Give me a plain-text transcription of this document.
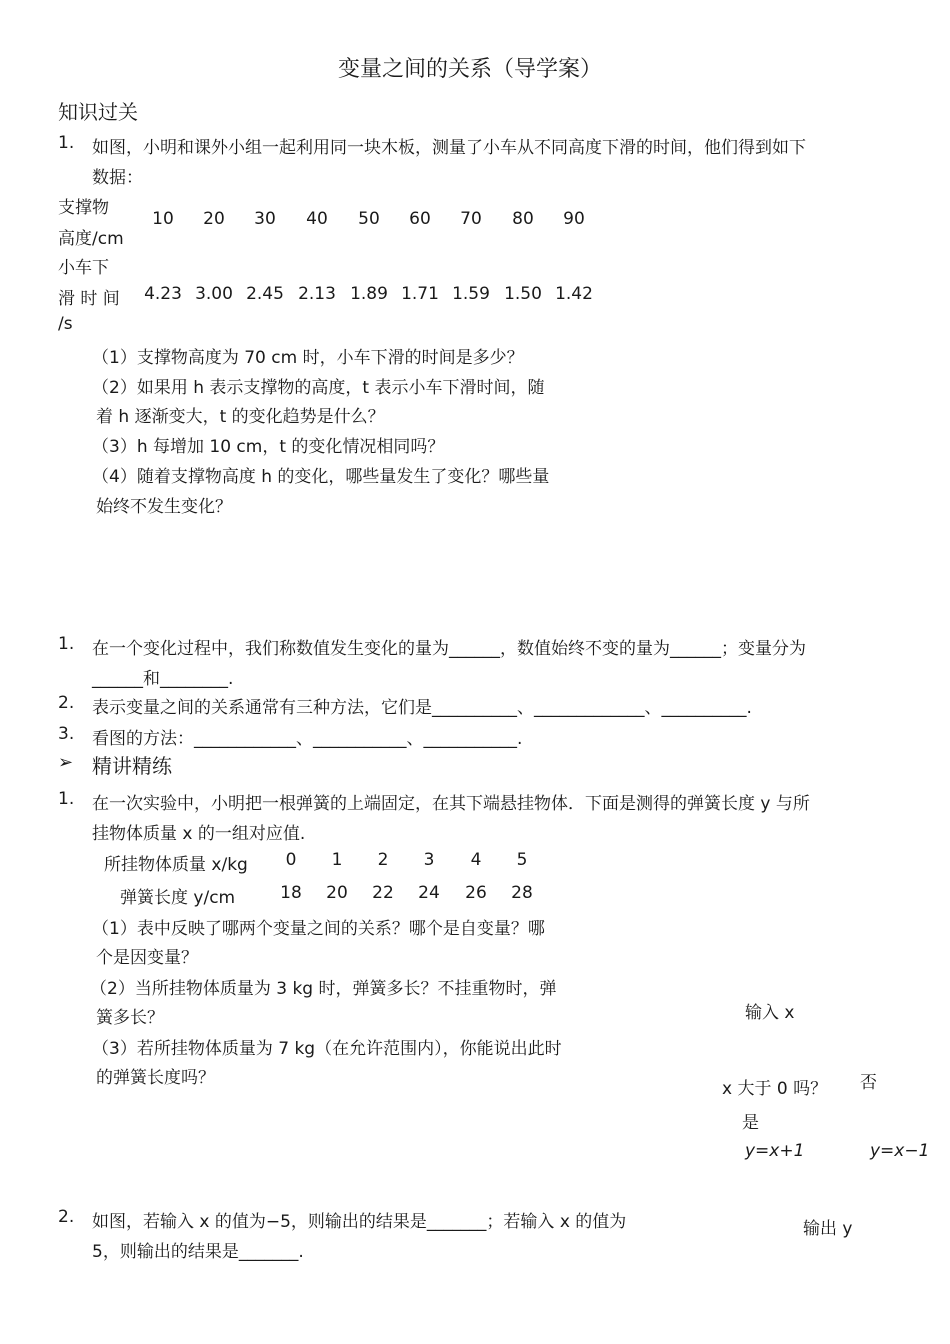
变量之间的关系（导学案）
知识过关
1. 如图，小明和课外小组一起利用同一块木板，测量了小车从不同高度下滑的时间，他们得到如下
数据：
支撑物
高度/cm
10	20	30	40	50	60	70	80	90
小车下
滑 时 间
/s
4.23 3.00 2.45 2.13 1.89 1.71 1.59 1.50 1.42
（1）支撑物高度为 70 cm 时，小车下滑的时间是多少？
（2）如果用 h 表示支撑物的高度，t 表示小车下滑时间，随
着 h 逐渐变大，t 的变化趋势是什么？
（3）h 每增加 10 cm，t 的变化情况相同吗？
（4）随着支撑物高度 h 的变化，哪些量发生了变化？哪些量
始终不发生变化？
1. 在一个变化过程中，我们称数值发生变化的量为______，数值始终不变的量为______；变量分为
______和________.
2. 表示变量之间的关系通常有三种方法，它们是__________、_____________、__________.
3. 看图的方法：____________、___________、___________.
➢ 精讲精练
1. 在一次实验中，小明把一根弹簧的上端固定，在其下端悬挂物体．下面是测得的弹簧长度 y 与所
挂物体质量 x 的一组对应值.
所挂物体质量 x/kg	0	1	2	3	4	5
弹簧长度 y/cm	18	20	22	24	26	28
（1）表中反映了哪两个变量之间的关系？哪个是自变量？哪
个是因变量？
（2）当所挂物体质量为 3 kg 时，弹簧多长？不挂重物时，弹
簧多长？
（3）若所挂物体质量为 7 kg（在允许范围内），你能说出此时
的弹簧长度吗？
输入 x
x 大于 0 吗？ 否
是
y=x+1	y=x−1
输出 y
2. 如图，若输入 x 的值为−5，则输出的结果是_______；若输入 x 的值为
5，则输出的结果是_______.
